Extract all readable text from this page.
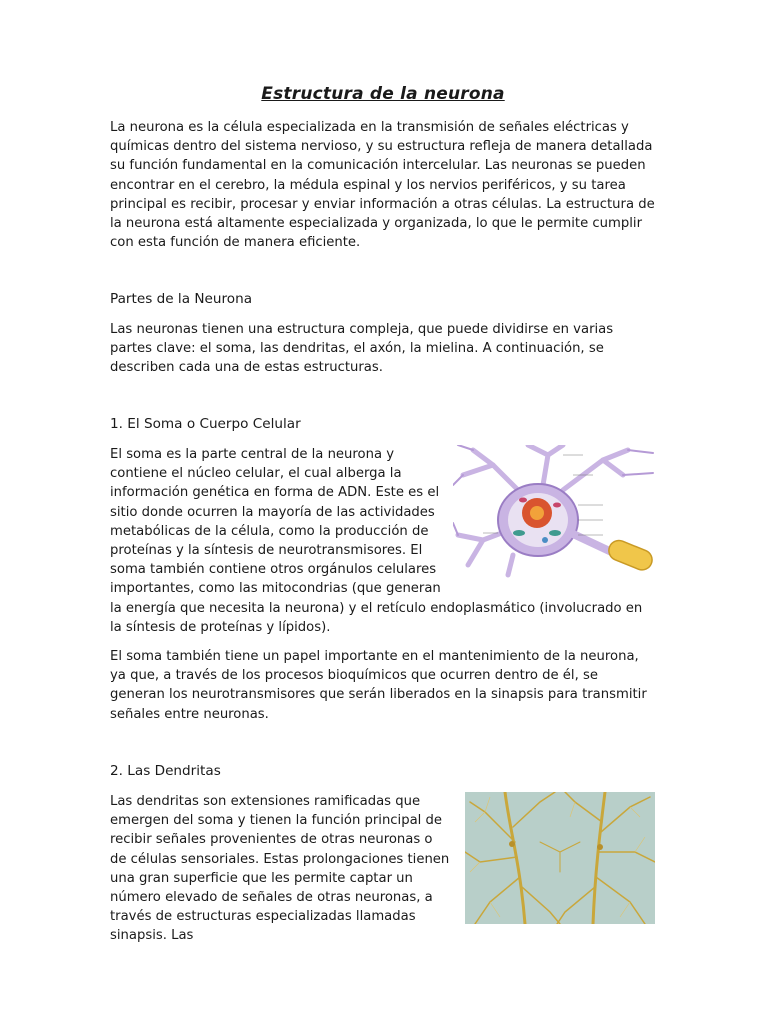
Estructura de la neurona

La neurona es la célula especializada en la transmisión de señales eléctricas y químicas dentro del sistema nervioso, y su estructura refleja de manera detallada su función fundamental en la comunicación intercelular. Las neuronas se pueden encontrar en el cerebro, la médula espinal y los nervios periféricos, y su tarea principal es recibir, procesar y enviar información a otras células. La estructura de la neurona está altamente especializada y organizada, lo que le permite cumplir con esta función de manera eficiente.

Partes de la Neurona

Las neuronas tienen una estructura compleja, que puede dividirse en varias partes clave: el soma, las dendritas, el axón, la mielina. A continuación, se describen cada una de estas estructuras.

1. El Soma o Cuerpo Celular
El soma es la parte central de la neurona y contiene el núcleo celular, el cual alberga la información genética en forma de ADN. Este es el sitio donde ocurren la mayoría de las actividades metabólicas de la célula, como la producción de proteínas y la síntesis de neurotransmisores. El soma también contiene otros orgánulos celulares importantes, como las mitocondrias (que generan la energía que necesita la neurona) y el retículo endoplasmático (involucrado en la síntesis de proteínas y lípidos).

El soma también tiene un papel importante en el mantenimiento de la neurona, ya que, a través de los procesos bioquímicos que ocurren dentro de él, se generan los neurotransmisores que serán liberados en la sinapsis para transmitir señales entre neuronas.

2. Las Dendritas
Las dendritas son extensiones ramificadas que emergen del soma y tienen la función principal de recibir señales provenientes de otras neuronas o de células sensoriales. Estas prolongaciones tienen una gran superficie que les permite captar un número elevado de señales de otras neuronas, a través de estructuras especializadas llamadas sinapsis. Las
